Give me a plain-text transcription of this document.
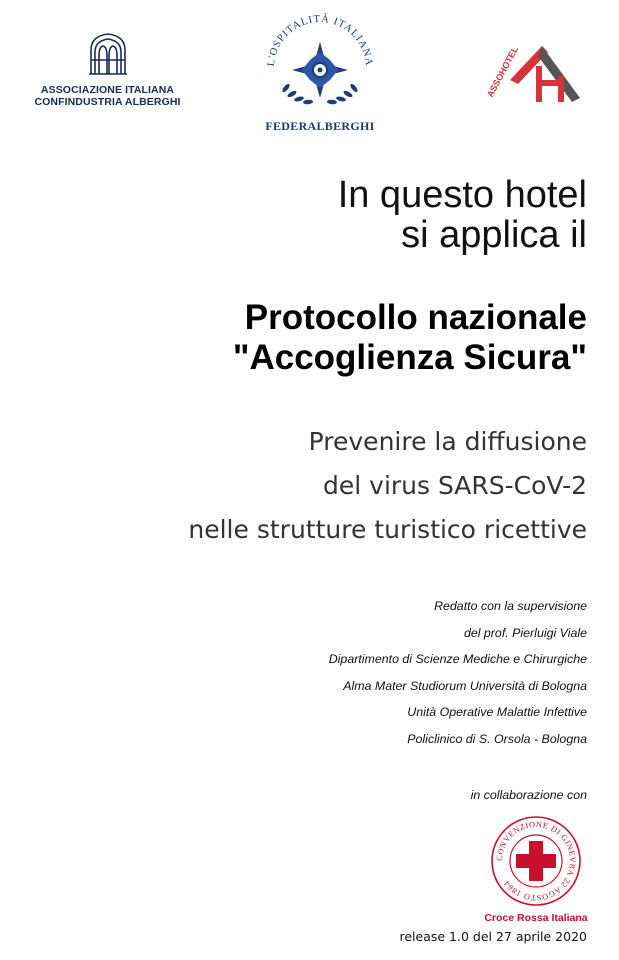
ASSOCIAZIONE ITALIANA
CONFINDUSTRIA ALBERGHI
L'OSPITALITÀ ITALIANA
FEDERALBERGHI
ASSOHOTEL
In questo hotel
si applica il
Protocollo nazionale
"Accoglienza Sicura"
Prevenire la diffusione
del virus SARS-CoV-2
nelle strutture turistico ricettive
Redatto con la supervisione
del prof. Pierluigi Viale
Dipartimento di Scienze Mediche e Chirurgiche
Alma Mater Studiorum Università di Bologna
Unità Operative Malattie Infettive
Policlinico di S. Orsola - Bologna
in collaborazione con
CONVENZIONE DI GINEVRA 22 AGOSTO 1864
Croce Rossa Italiana
release 1.0 del 27 aprile 2020
